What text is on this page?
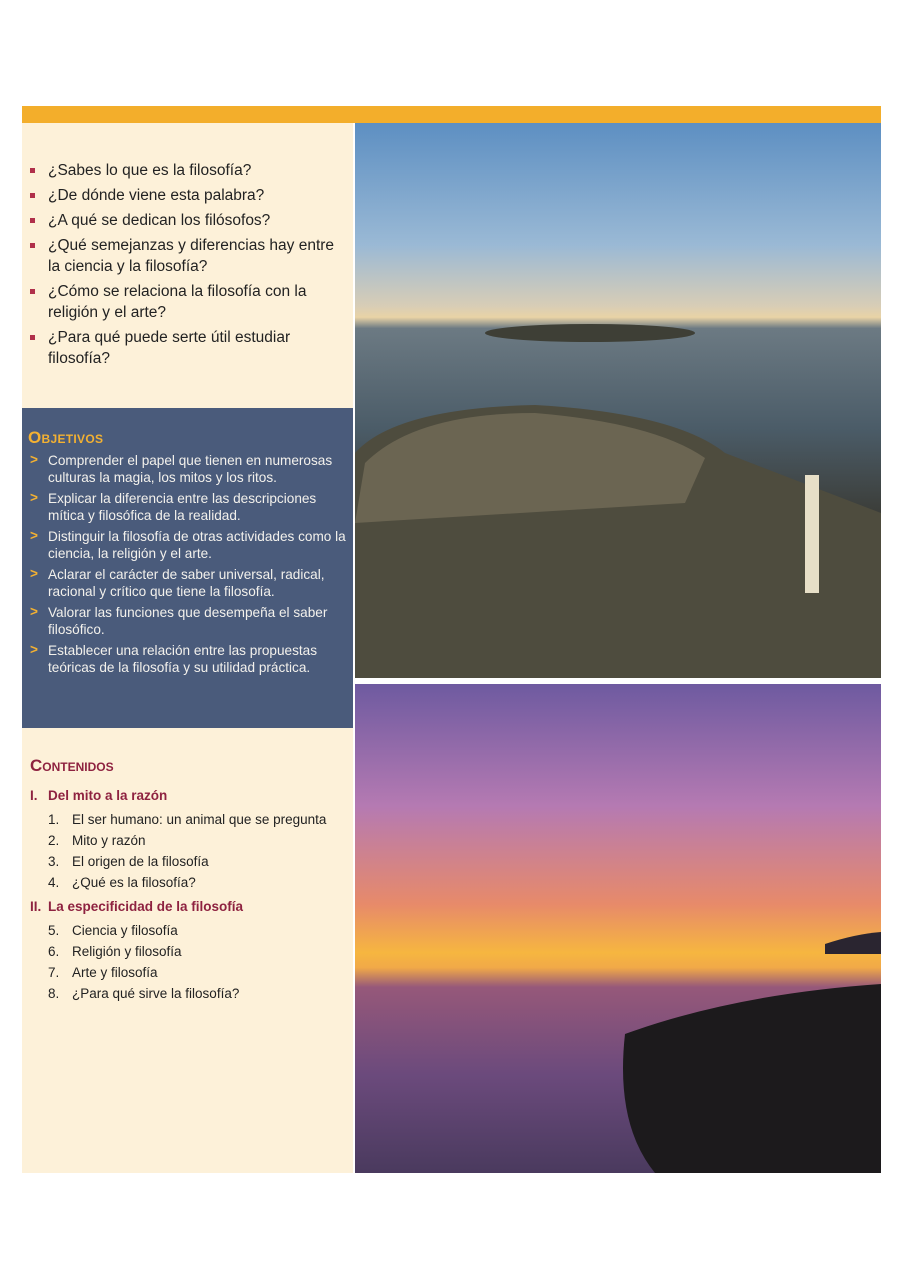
¿Sabes lo que es la filosofía?
¿De dónde viene esta palabra?
¿A qué se dedican los filósofos?
¿Qué semejanzas y diferencias hay entre la ciencia y la filosofía?
¿Cómo se relaciona la filosofía con la religión y el arte?
¿Para qué puede serte útil estudiar filosofía?
Objetivos
> Comprender el papel que tienen en numerosas culturas la magia, los mitos y los ritos.
> Explicar la diferencia entre las descripciones mítica y filosófica de la realidad.
> Distinguir la filosofía de otras actividades como la ciencia, la religión y el arte.
> Aclarar el carácter de saber universal, radical, racional y crítico que tiene la filosofía.
> Valorar las funciones que desempeña el saber filosófico.
> Establecer una relación entre las propuestas teóricas de la filosofía y su utilidad práctica.
Contenidos
I. Del mito a la razón
1. El ser humano: un animal que se pregunta
2. Mito y razón
3. El origen de la filosofía
4. ¿Qué es la filosofía?
II. La especificidad de la filosofía
5. Ciencia y filosofía
6. Religión y filosofía
7. Arte y filosofía
8. ¿Para qué sirve la filosofía?
